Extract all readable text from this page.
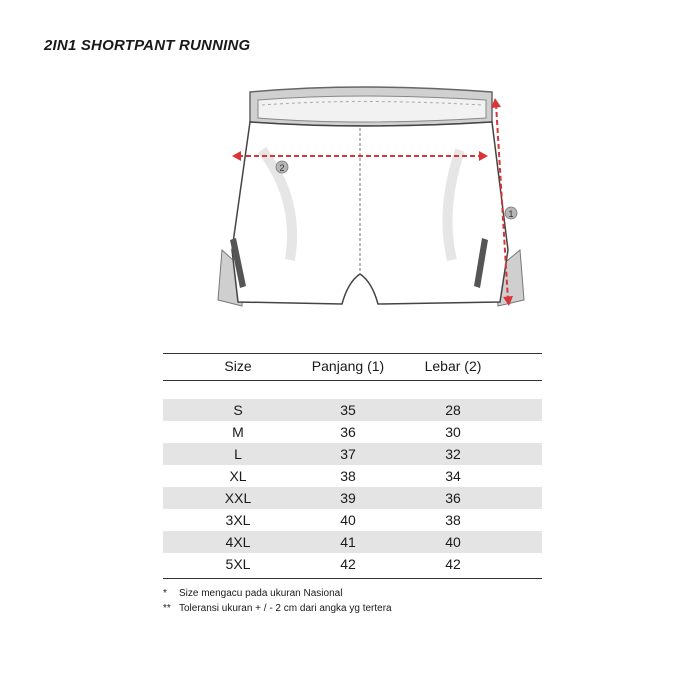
2IN1 SHORTPANT RUNNING
2
1
Size	Panjang (1)	Lebar (2)
S	35	28
M	36	30
L	37	32
XL	38	34
XXL	39	36
3XL	40	38
4XL	41	40
5XL	42	42
* Size mengacu pada ukuran Nasional
** Toleransi ukuran + / - 2 cm dari angka yg tertera
